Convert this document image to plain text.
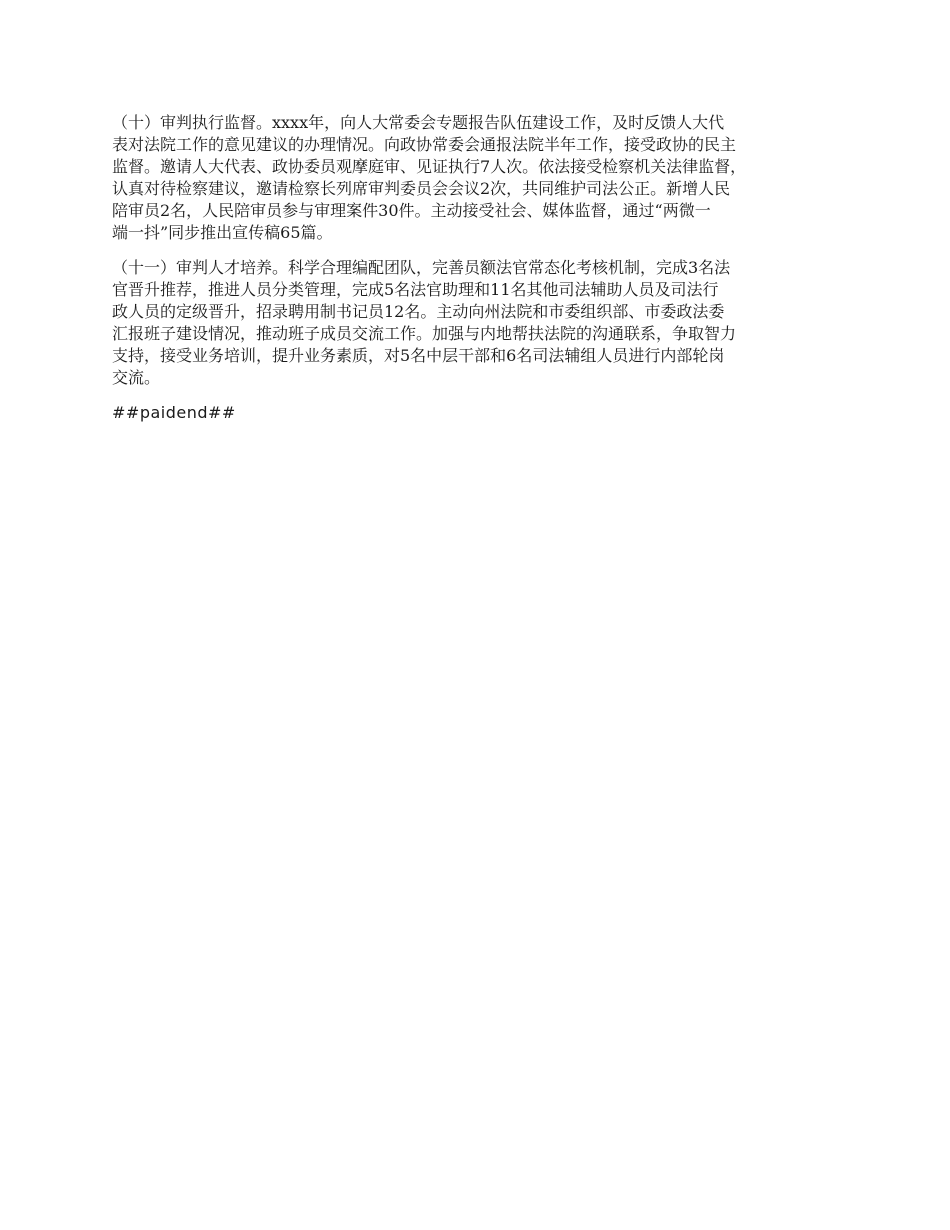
（十）审判执行监督。xxxx年，向人大常委会专题报告队伍建设工作，及时反馈人大代
表对法院工作的意见建议的办理情况。向政协常委会通报法院半年工作，接受政协的民主
监督。邀请人大代表、政协委员观摩庭审、见证执行7人次。依法接受检察机关法律监督，
认真对待检察建议，邀请检察长列席审判委员会会议2次，共同维护司法公正。新增人民
陪审员2名，人民陪审员参与审理案件30件。主动接受社会、媒体监督，通过“两微一
端一抖”同步推出宣传稿65篇。

（十一）审判人才培养。科学合理编配团队，完善员额法官常态化考核机制，完成3名法
官晋升推荐，推进人员分类管理，完成5名法官助理和11名其他司法辅助人员及司法行
政人员的定级晋升，招录聘用制书记员12名。主动向州法院和市委组织部、市委政法委
汇报班子建设情况，推动班子成员交流工作。加强与内地帮扶法院的沟通联系，争取智力
支持，接受业务培训，提升业务素质，对5名中层干部和6名司法辅组人员进行内部轮岗
交流。

##paidend##
